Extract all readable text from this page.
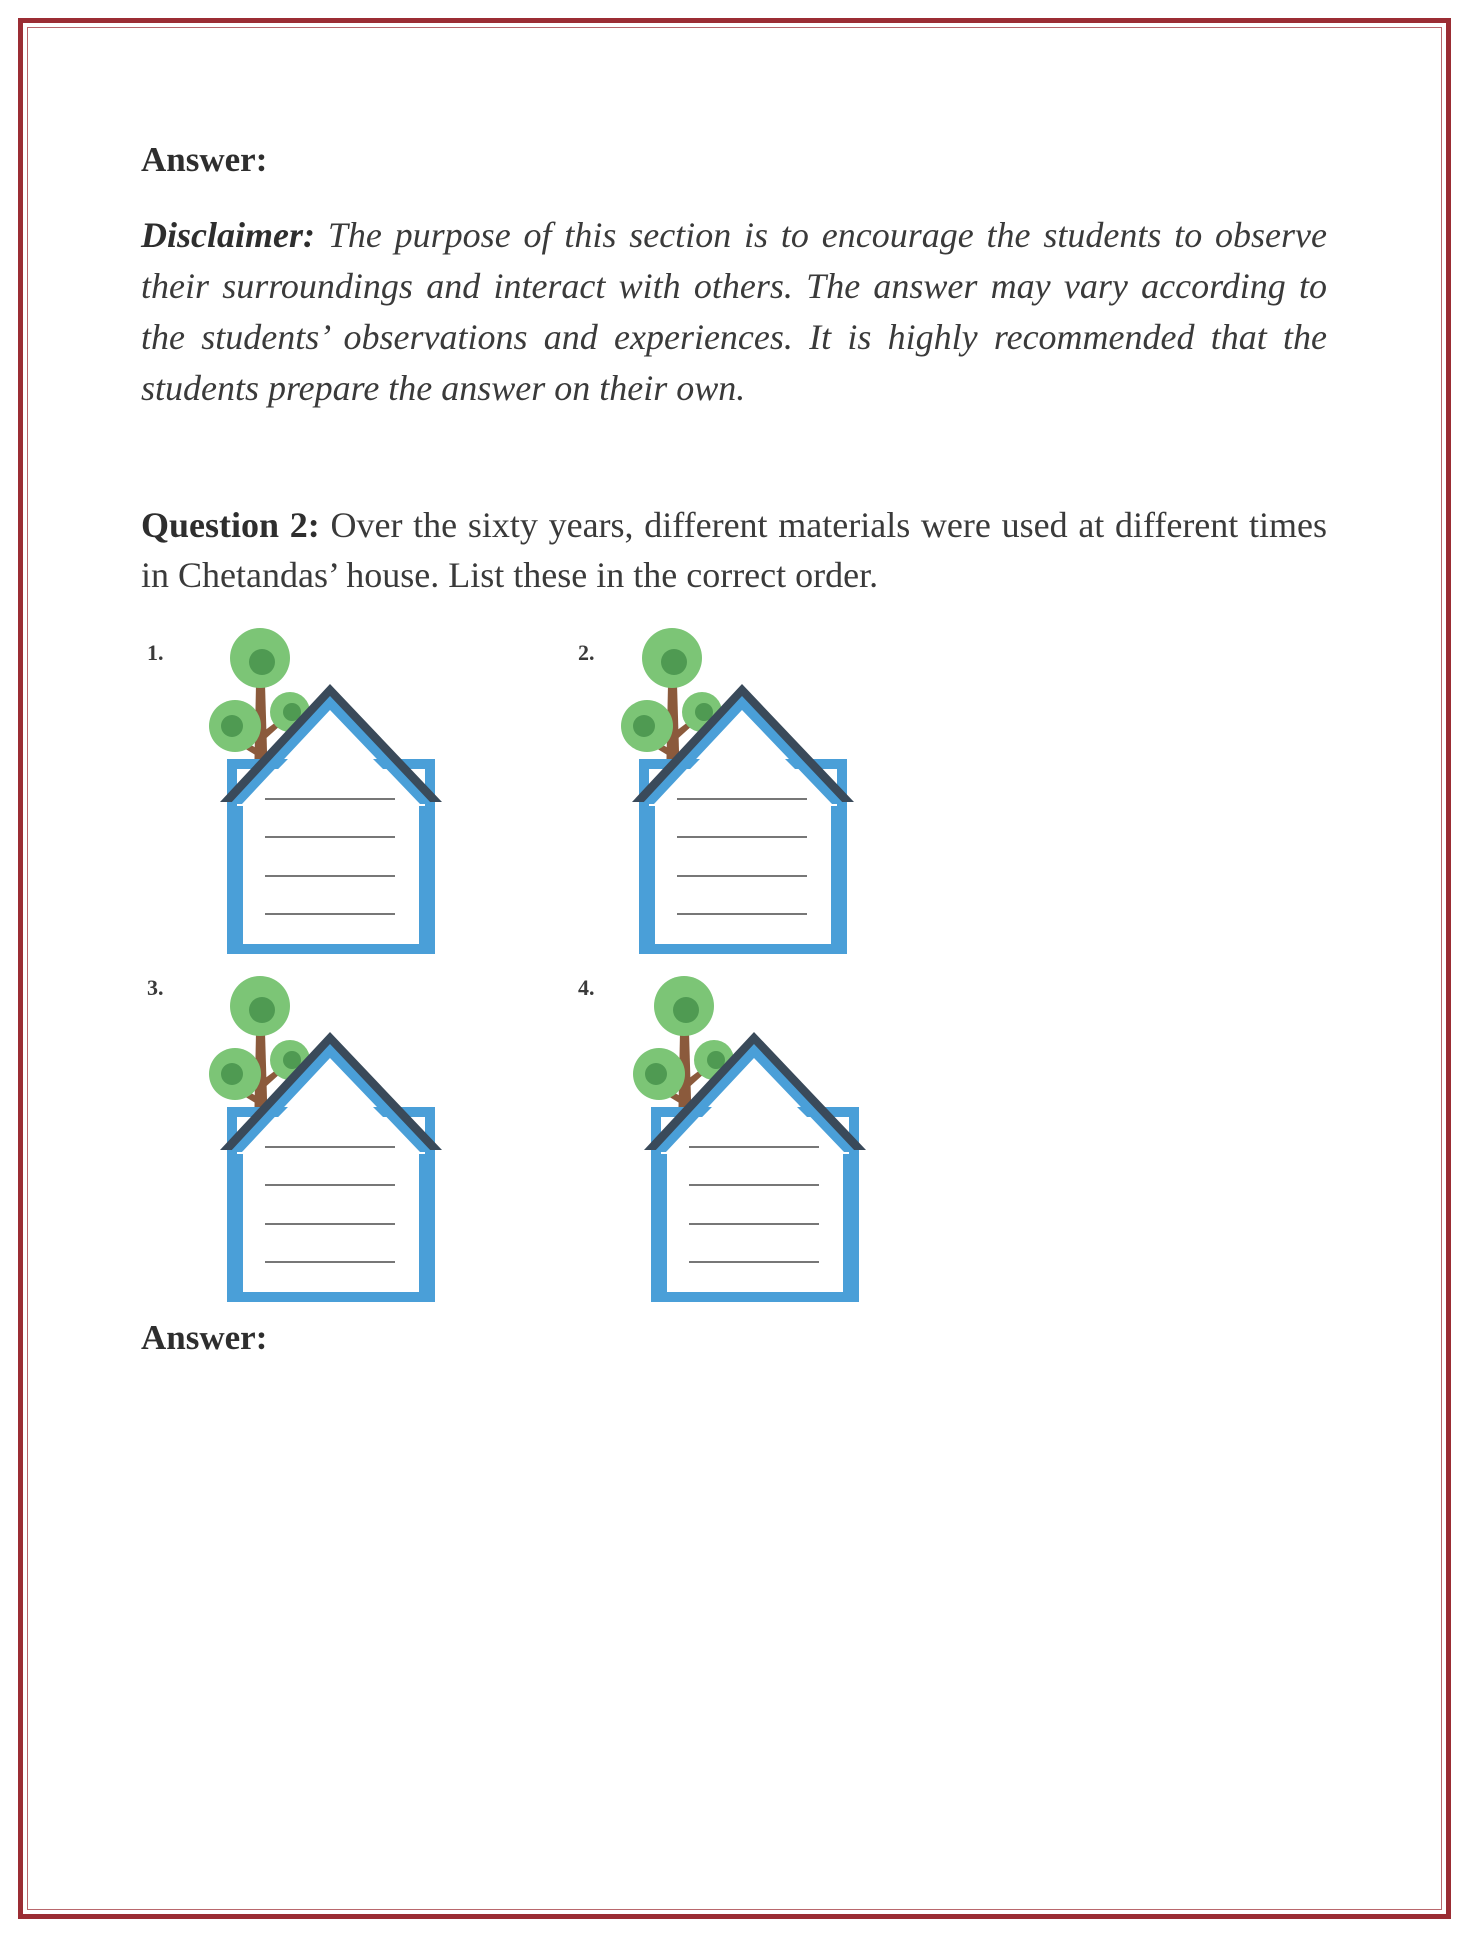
Answer:

Disclaimer: The purpose of this section is to encourage the students to observe their surroundings and interact with others. The answer may vary according to the students’ observations and experiences. It is highly recommended that the students prepare the answer on their own.

Question 2: Over the sixty years, different materials were used at different times in Chetandas’ house. List these in the correct order.

1.	2.
3.	4.

Answer:
